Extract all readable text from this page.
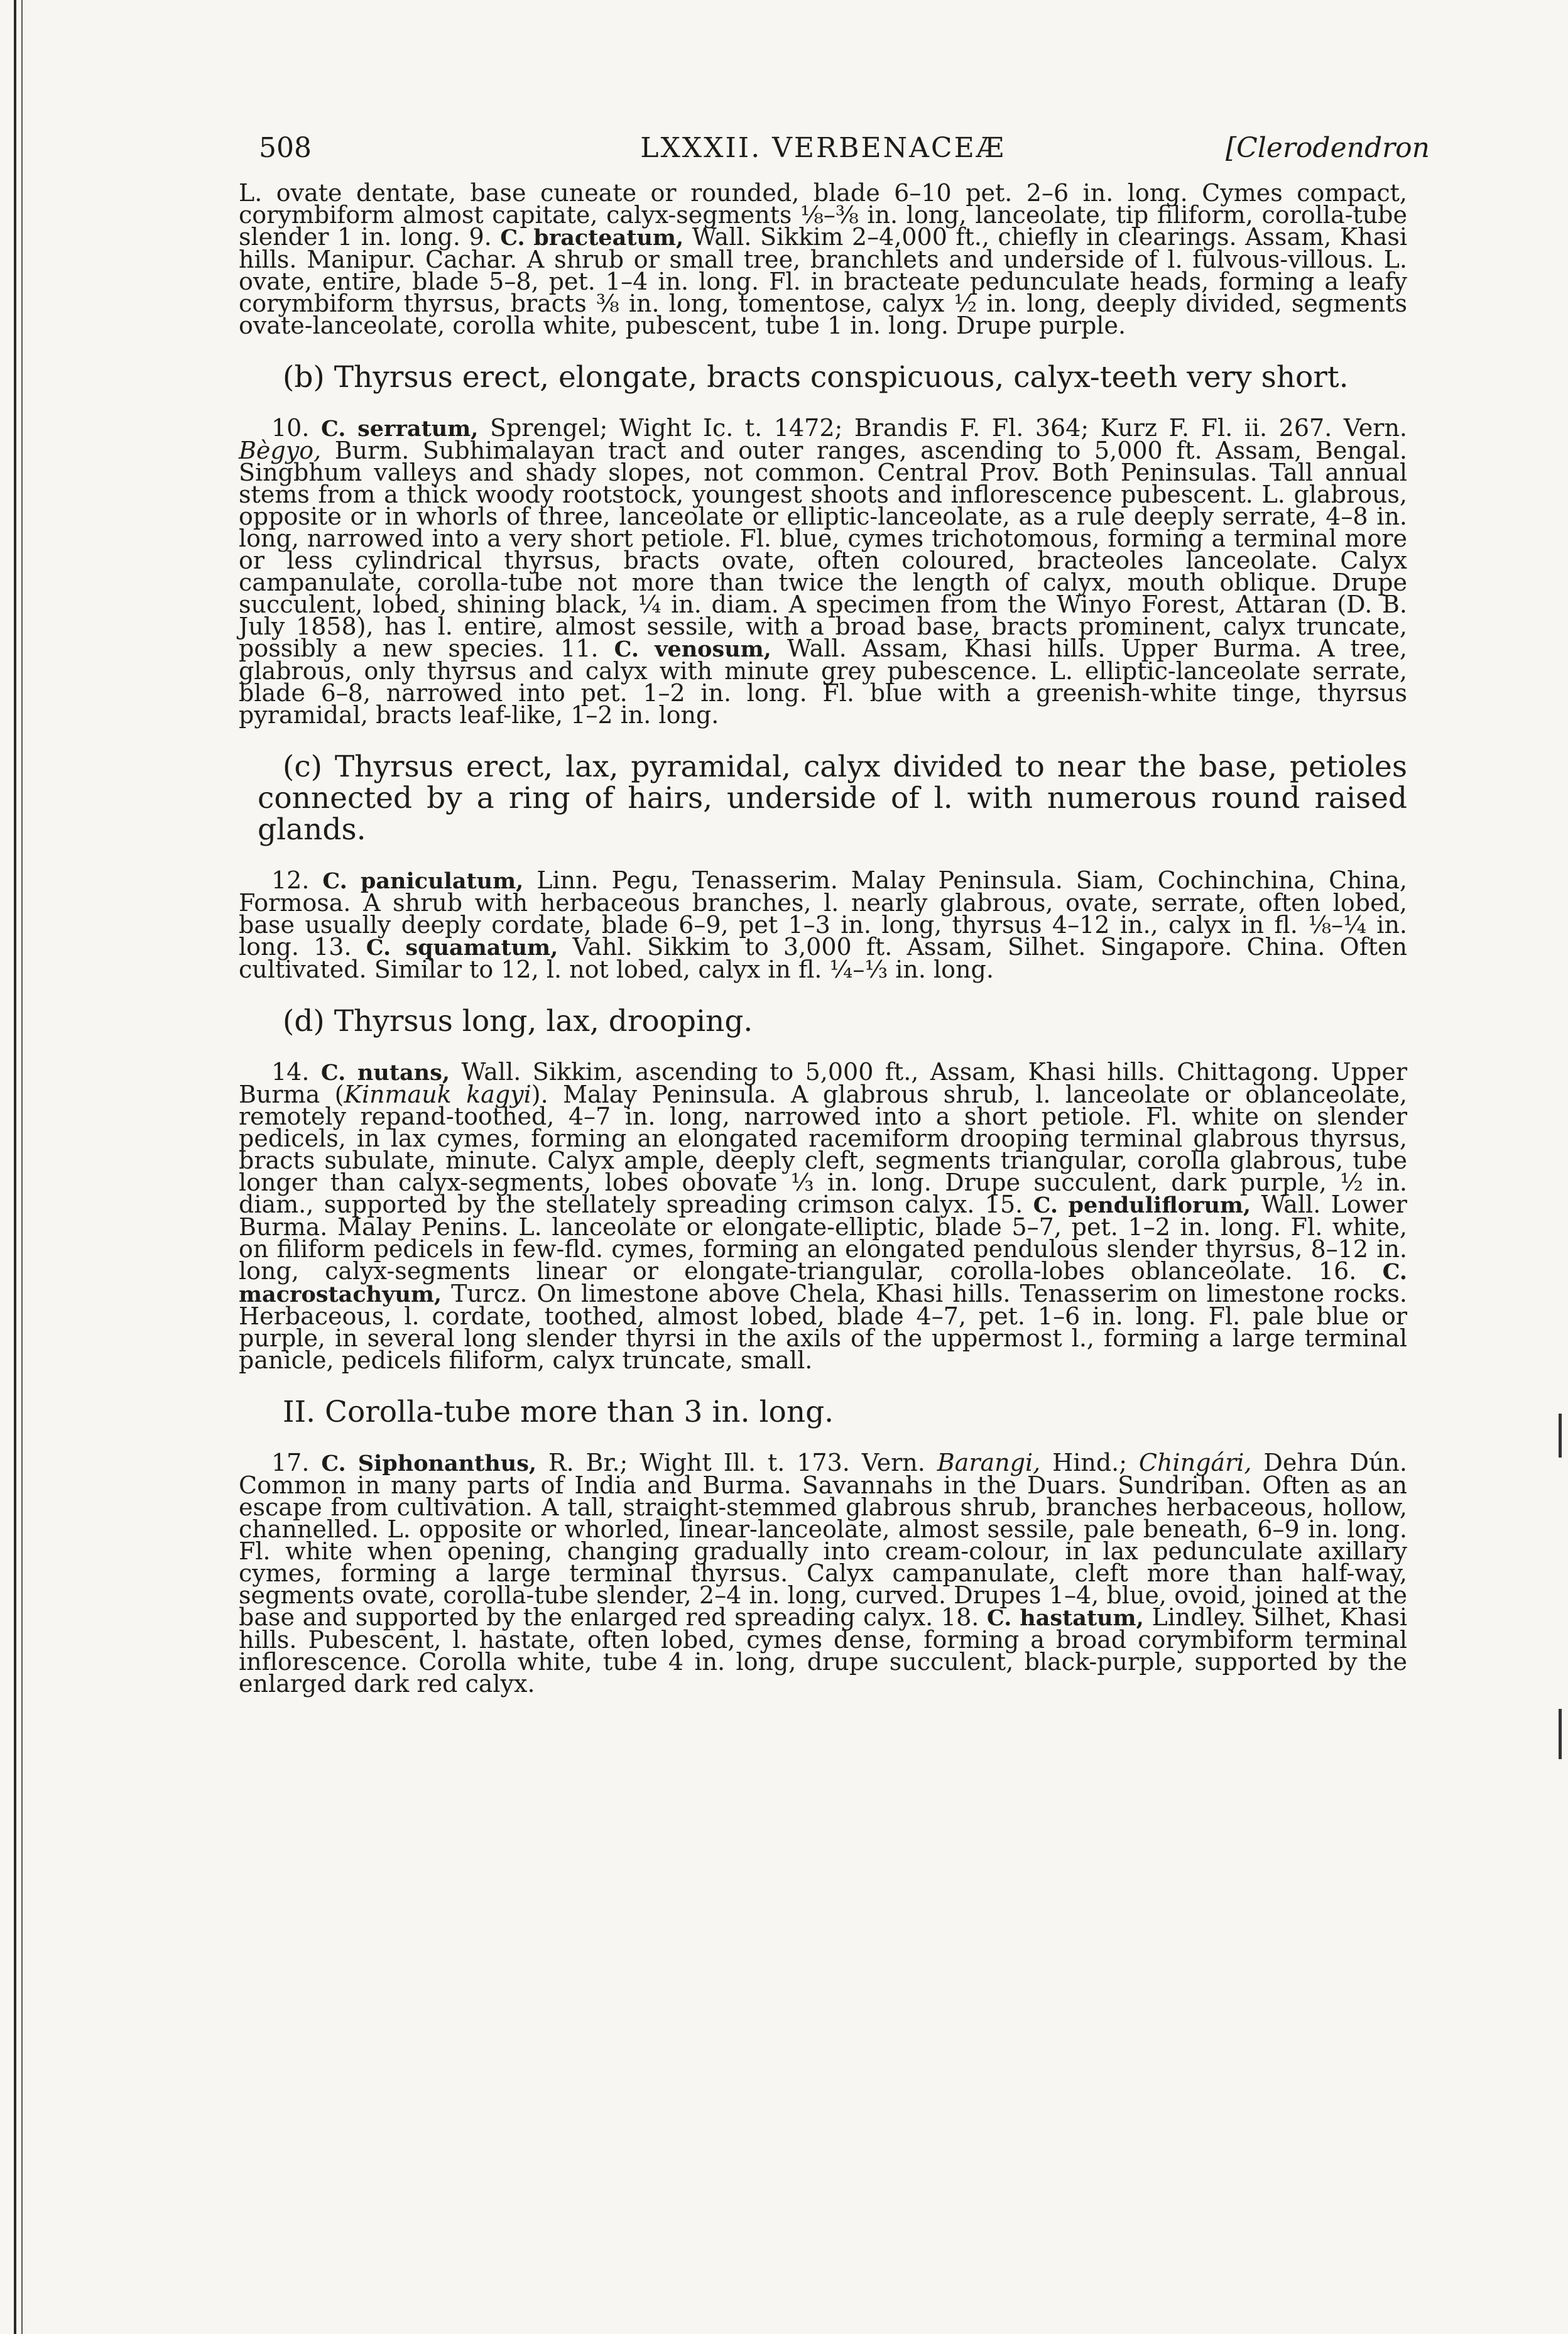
508	LXXXII. VERBENACEÆ	[Clerodendron

L. ovate dentate, base cuneate or rounded, blade 6–10 pet. 2–6 in. long. Cymes compact, corymbiform almost capitate, calyx-segments ⅛–⅜ in. long, lanceolate, tip filiform, corolla-tube slender 1 in. long. 9. C. bracteatum, Wall. Sikkim 2–4,000 ft., chiefly in clearings. Assam, Khasi hills. Manipur. Cachar. A shrub or small tree, branchlets and underside of l. fulvous-villous. L. ovate, entire, blade 5–8, pet. 1–4 in. long. Fl. in bracteate pedunculate heads, forming a leafy corymbiform thyrsus, bracts ⅜ in. long, tomentose, calyx ½ in. long, deeply divided, segments ovate-lanceolate, corolla white, pubescent, tube 1 in. long. Drupe purple.

(b) Thyrsus erect, elongate, bracts conspicuous, calyx-teeth very short.

10. C. serratum, Sprengel; Wight Ic. t. 1472; Brandis F. Fl. 364; Kurz F. Fl. ii. 267. Vern. Bègyo, Burm. Subhimalayan tract and outer ranges, ascending to 5,000 ft. Assam, Bengal. Singbhum valleys and shady slopes, not common. Central Prov. Both Peninsulas. Tall annual stems from a thick woody rootstock, youngest shoots and inflorescence pubescent. L. glabrous, opposite or in whorls of three, lanceolate or elliptic-lanceolate, as a rule deeply serrate, 4–8 in. long, narrowed into a very short petiole. Fl. blue, cymes trichotomous, forming a terminal more or less cylindrical thyrsus, bracts ovate, often coloured, bracteoles lanceolate. Calyx campanulate, corolla-tube not more than twice the length of calyx, mouth oblique. Drupe succulent, lobed, shining black, ¼ in. diam. A specimen from the Winyo Forest, Attaran (D. B. July 1858), has l. entire, almost sessile, with a broad base, bracts prominent, calyx truncate, possibly a new species. 11. C. venosum, Wall. Assam, Khasi hills. Upper Burma. A tree, glabrous, only thyrsus and calyx with minute grey pubescence. L. elliptic-lanceolate serrate, blade 6–8, narrowed into pet. 1–2 in. long. Fl. blue with a greenish-white tinge, thyrsus pyramidal, bracts leaf-like, 1–2 in. long.

(c) Thyrsus erect, lax, pyramidal, calyx divided to near the base, petioles connected by a ring of hairs, underside of l. with numerous round raised glands.

12. C. paniculatum, Linn. Pegu, Tenasserim. Malay Peninsula. Siam, Cochinchina, China, Formosa. A shrub with herbaceous branches, l. nearly glabrous, ovate, serrate, often lobed, base usually deeply cordate, blade 6–9, pet 1–3 in. long, thyrsus 4–12 in., calyx in fl. ⅛–¼ in. long. 13. C. squamatum, Vahl. Sikkim to 3,000 ft. Assam, Silhet. Singapore. China. Often cultivated. Similar to 12, l. not lobed, calyx in fl. ¼–⅓ in. long.

(d) Thyrsus long, lax, drooping.

14. C. nutans, Wall. Sikkim, ascending to 5,000 ft., Assam, Khasi hills. Chittagong. Upper Burma (Kinmauk kagyi). Malay Peninsula. A glabrous shrub, l. lanceolate or oblanceolate, remotely repand-toothed, 4–7 in. long, narrowed into a short petiole. Fl. white on slender pedicels, in lax cymes, forming an elongated racemiform drooping terminal glabrous thyrsus, bracts subulate, minute. Calyx ample, deeply cleft, segments triangular, corolla glabrous, tube longer than calyx-segments, lobes obovate ⅓ in. long. Drupe succulent, dark purple, ½ in. diam., supported by the stellately spreading crimson calyx. 15. C. penduliflorum, Wall. Lower Burma. Malay Penins. L. lanceolate or elongate-elliptic, blade 5–7, pet. 1–2 in. long. Fl. white, on filiform pedicels in few-fld. cymes, forming an elongated pendulous slender thyrsus, 8–12 in. long, calyx-segments linear or elongate-triangular, corolla-lobes oblanceolate. 16. C. macrostachyum, Turcz. On limestone above Chela, Khasi hills. Tenasserim on limestone rocks. Herbaceous, l. cordate, toothed, almost lobed, blade 4–7, pet. 1–6 in. long. Fl. pale blue or purple, in several long slender thyrsi in the axils of the uppermost l., forming a large terminal panicle, pedicels filiform, calyx truncate, small.

II. Corolla-tube more than 3 in. long.

17. C. Siphonanthus, R. Br.; Wight Ill. t. 173. Vern. Barangi, Hind.; Chingári, Dehra Dún. Common in many parts of India and Burma. Savannahs in the Duars. Sundriban. Often as an escape from cultivation. A tall, straight-stemmed glabrous shrub, branches herbaceous, hollow, channelled. L. opposite or whorled, linear-lanceolate, almost sessile, pale beneath, 6–9 in. long. Fl. white when opening, changing gradually into cream-colour, in lax pedunculate axillary cymes, forming a large terminal thyrsus. Calyx campanulate, cleft more than half-way, segments ovate, corolla-tube slender, 2–4 in. long, curved. Drupes 1–4, blue, ovoid, joined at the base and supported by the enlarged red spreading calyx. 18. C. hastatum, Lindley. Silhet, Khasi hills. Pubescent, l. hastate, often lobed, cymes dense, forming a broad corymbiform terminal inflorescence. Corolla white, tube 4 in. long, drupe succulent, black-purple, supported by the enlarged dark red calyx.
